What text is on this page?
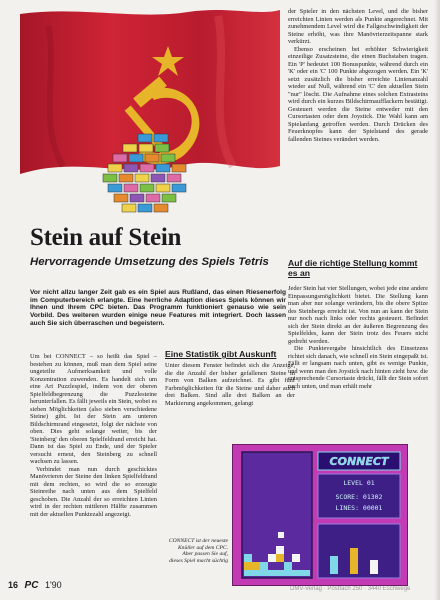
der Spieler in den nächsten Level, und die bisher erreichten Linien werden als Punkte angerechnet. Mit zunehmendem Level wird die Fallgeschwindigkeit der Steine erhöht, was ihre Manövrierzeitspanne stark verkürzt.

Ebenso erscheinen bei erhöhter Schwierigkeit einzeilige Zusatzsteine, die einen Buchstaben tragen. Ein 'P' bedeutet 100 Bonuspunkte, während durch ein 'K' oder ein 'C' 100 Punkte abgezogen werden. Ein 'K' setzt zusätzlich die bisher erreichte Linienanzahl wieder auf Null, während ein 'C' den aktuellen Stein "nur" löscht. Die Aufnahme eines solchen Extrasteins wird durch ein kurzes Bildschirmaufflackern bestätigt. Gesteuert werden die Steine entweder mit den Cursortasten oder dem Joystick. Die Wahl kann am Spielanfang getroffen werden. Durch Drücken des Feuerknopfes kann der Spielstand des gerade fallenden Steines verändert werden.

Auf die richtige Stellung kommt es an
Stein auf Stein
Hervorragende Umsetzung des Spiels Tetris
Vor nicht allzu langer Zeit gab es ein Spiel aus Rußland, das einen Riesenerfolg im Computerbereich erlangte. Eine herrliche Adaption dieses Spiels können wir Ihnen und Ihrem CPC bieten. Das Programm funktioniert genauso wie sein Vorbild. Des weiteren wurden einige neue Features mit integriert. Doch lassen auch Sie sich überraschen und begeistern.

Um bei CONNECT – so heißt das Spiel – bestehen zu können, muß man dem Spiel seine ungeteilte Aufmerksamkeit und volle Konzentration zuwenden. Es handelt sich um eine Art Puzzlespiel, indem von der oberen Spielfeldbegrenzung die Puzzlesteine herunterfallen. Es fällt jeweils ein Stein, wobei es sieben Möglichkeiten (also sieben verschiedene Steine) gibt. Ist der Stein am unteren Bildschirmrand eingesetzt, folgt der nächste von oben. Dies geht solange weiter, bis der 'Steinberg' den oberen Spielfeldrand erreicht hat. Dann ist das Spiel zu Ende, und der Spieler versucht erneut, den Steinberg zu schnell wachsen zu lassen.

Verbindet man nun durch geschicktes Manövrieren der Steine den linken Spielfeldrand mit dem rechten, so wird die so erzeugte Steinreihe nach unten aus dem Spielfeld geschoben. Die Anzahl der so erreichten Linien wird in der rechten mittleren Hälfte zusammen mit der aktuellen Punktezahl angezeigt.

Eine Statistik gibt Auskunft

Unter diesem Fenster befindet sich die Anzeige, die die Anzahl der bisher gefallenen Steine in Form von Balken aufzeichnet. Es gibt fünf Farbmöglichkeiten für die Steine und daher auch drei Balken. Sind alle drei Balken an der Markierung angekommen, gelangt

Jeder Stein hat vier Stellungen, wobei jede eine andere Einpassungsmöglichkeit bietet. Die Stellung kann man aber nur solange verändern, bis die obere Spitze des Steinbergs erreicht ist. Von nun an kann der Stein nur noch nach links oder rechts gesteuert. Befindet sich der Stein direkt an der äußeren Begrenzung des Spielfeldes, kann der Stein trotz des Feuers nicht gedreht werden.

Die Punktevergabe hinsichtlich des Einsetzens richtet sich danach, wie schnell ein Stein eingepaßt ist. Fällt er langsam nach unten, gibt es wenige Punkte, und wenn man den Joystick nach hinten zieht bzw. die entsprechende Cursortaste drückt, fällt der Stein sofort nach unten, und man erhält mehr

CONNECT
LEVEL 01
SCORE: 01302
LINES: 00001
CONNECT ist der neueste Knüller auf dem CPC. Aber passen Sie auf, dieses Spiel macht süchtig
16 PC 1'90	DMV-Verlag · Postfach 250 · 3440 Eschwege
